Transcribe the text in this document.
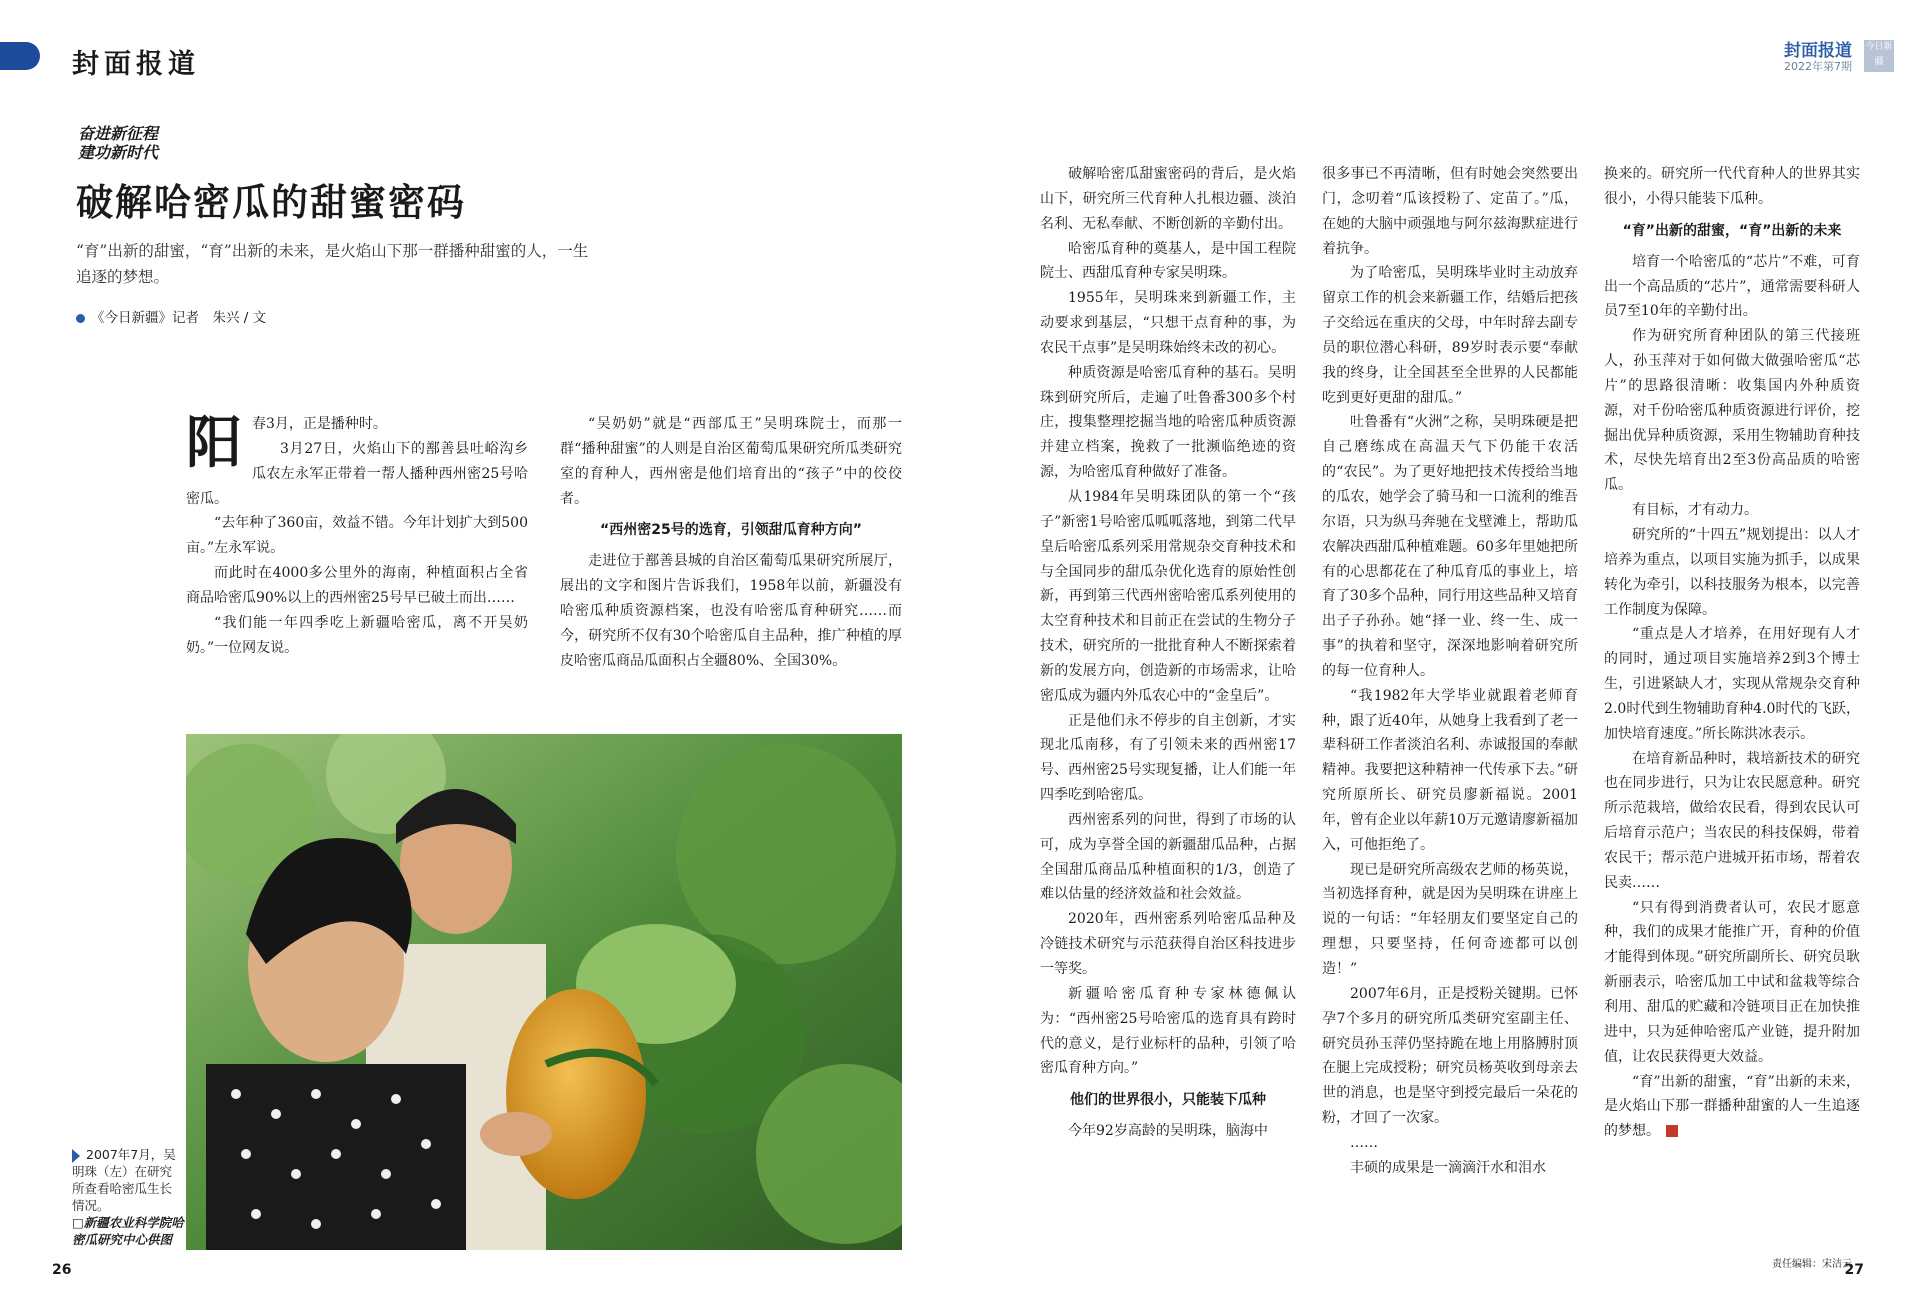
封面报道	封面报道
2022年第7期
今日新疆
奋进新征程
建功新时代
破解哈密瓜的甜蜜密码
“育”出新的甜蜜，“育”出新的未来，是火焰山下那一群播种甜蜜的人，一生追逐的梦想。
《今日新疆》记者　朱兴 / 文
阳 春3月，正是播种时。

3月27日，火焰山下的鄯善县吐峪沟乡瓜农左永军正带着一帮人播种西州密25号哈密瓜。

“去年种了360亩，效益不错。今年计划扩大到500亩。”左永军说。

而此时在4000多公里外的海南，种植面积占全省商品哈密瓜90%以上的西州密25号早已破土而出……

“我们能一年四季吃上新疆哈密瓜，离不开吴奶奶。”一位网友说。

“吴奶奶”就是“西部瓜王”吴明珠院士，而那一群“播种甜蜜”的人则是自治区葡萄瓜果研究所瓜类研究室的育种人，西州密是他们培育出的“孩子”中的佼佼者。

“西州密25号的选育，引领甜瓜育种方向”

走进位于鄯善县城的自治区葡萄瓜果研究所展厅，展出的文字和图片告诉我们，1958年以前，新疆没有哈密瓜种质资源档案，也没有哈密瓜育种研究……而今，研究所不仅有30个哈密瓜自主品种，推广种植的厚皮哈密瓜商品瓜面积占全疆80%、全国30%。

2007年7月，吴明珠（左）在研究所查看哈密瓜生长情况。
□新疆农业科学院哈密瓜研究中心供图

破解哈密瓜甜蜜密码的背后，是火焰山下，研究所三代育种人扎根边疆、淡泊名利、无私奉献、不断创新的辛勤付出。

哈密瓜育种的奠基人，是中国工程院院士、西甜瓜育种专家吴明珠。

1955年，吴明珠来到新疆工作，主动要求到基层，“只想干点育种的事，为农民干点事”是吴明珠始终未改的初心。

种质资源是哈密瓜育种的基石。吴明珠到研究所后，走遍了吐鲁番300多个村庄，搜集整理挖掘当地的哈密瓜种质资源并建立档案，挽救了一批濒临绝迹的资源，为哈密瓜育种做好了准备。

从1984年吴明珠团队的第一个“孩子”新密1号哈密瓜呱呱落地，到第二代早皇后哈密瓜系列采用常规杂交育种技术和与全国同步的甜瓜杂优化选育的原始性创新，再到第三代西州密哈密瓜系列使用的太空育种技术和目前正在尝试的生物分子技术，研究所的一批批育种人不断探索着新的发展方向，创造新的市场需求，让哈密瓜成为疆内外瓜农心中的“金皇后”。

正是他们永不停步的自主创新，才实现北瓜南移，有了引领未来的西州密17号、西州密25号实现复播，让人们能一年四季吃到哈密瓜。

西州密系列的问世，得到了市场的认可，成为享誉全国的新疆甜瓜品种，占据全国甜瓜商品瓜种植面积的1/3，创造了难以估量的经济效益和社会效益。

2020年，西州密系列哈密瓜品种及冷链技术研究与示范获得自治区科技进步一等奖。

新疆哈密瓜育种专家林德佩认为：“西州密25号哈密瓜的选育具有跨时代的意义，是行业标杆的品种，引领了哈密瓜育种方向。”

他们的世界很小，只能装下瓜种

今年92岁高龄的吴明珠，脑海中

很多事已不再清晰，但有时她会突然要出门，念叨着“瓜该授粉了、定苗了。”瓜，在她的大脑中顽强地与阿尔兹海默症进行着抗争。

为了哈密瓜，吴明珠毕业时主动放弃留京工作的机会来新疆工作，结婚后把孩子交给远在重庆的父母，中年时辞去副专员的职位潜心科研，89岁时表示要“奉献我的终身，让全国甚至全世界的人民都能吃到更好更甜的甜瓜。”

吐鲁番有“火洲”之称，吴明珠硬是把自己磨练成在高温天气下仍能干农活的“农民”。为了更好地把技术传授给当地的瓜农，她学会了骑马和一口流利的维吾尔语，只为纵马奔驰在戈壁滩上，帮助瓜农解决西甜瓜种植难题。60多年里她把所有的心思都花在了种瓜育瓜的事业上，培育了30多个品种，同行用这些品种又培育出子子孙孙。她“择一业、终一生、成一事”的执着和坚守，深深地影响着研究所的每一位育种人。

“我1982年大学毕业就跟着老师育种，跟了近40年，从她身上我看到了老一辈科研工作者淡泊名利、赤诚报国的奉献精神。我要把这种精神一代传承下去。”研究所原所长、研究员廖新福说。2001年，曾有企业以年薪10万元邀请廖新福加入，可他拒绝了。

现已是研究所高级农艺师的杨英说，当初选择育种，就是因为吴明珠在讲座上说的一句话：“年轻朋友们要坚定自己的理想，只要坚持，任何奇迹都可以创造！”

2007年6月，正是授粉关键期。已怀孕7个多月的研究所瓜类研究室副主任、研究员孙玉萍仍坚持跪在地上用胳膊肘顶在腿上完成授粉；研究员杨英收到母亲去世的消息，也是坚守到授完最后一朵花的粉，才回了一次家。

……

丰硕的成果是一滴滴汗水和泪水

换来的。研究所一代代育种人的世界其实很小，小得只能装下瓜种。

“育”出新的甜蜜，“育”出新的未来

培育一个哈密瓜的“芯片”不难，可育出一个高品质的“芯片”，通常需要科研人员7至10年的辛勤付出。

作为研究所育种团队的第三代接班人，孙玉萍对于如何做大做强哈密瓜“芯片”的思路很清晰：收集国内外种质资源，对千份哈密瓜种质资源进行评价，挖掘出优异种质资源，采用生物辅助育种技术，尽快先培育出2至3份高品质的哈密瓜。

有目标，才有动力。

研究所的“十四五”规划提出：以人才培养为重点，以项目实施为抓手，以成果转化为牵引，以科技服务为根本，以完善工作制度为保障。

“重点是人才培养，在用好现有人才的同时，通过项目实施培养2到3个博士生，引进紧缺人才，实现从常规杂交育种2.0时代到生物辅助育种4.0时代的飞跃，加快培育速度。”所长陈洪冰表示。

在培育新品种时，栽培新技术的研究也在同步进行，只为让农民愿意种。研究所示范栽培，做给农民看，得到农民认可后培育示范户；当农民的科技保姆，带着农民干；帮示范户进城开拓市场，帮着农民卖……

“只有得到消费者认可，农民才愿意种，我们的成果才能推广开，育种的价值才能得到体现。”研究所副所长、研究员耿新丽表示，哈密瓜加工中试和盆栽等综合利用、甜瓜的贮藏和冷链项目正在加快推进中，只为延伸哈密瓜产业链，提升附加值，让农民获得更大效益。

“育”出新的甜蜜，“育”出新的未来，是火焰山下那一群播种甜蜜的人一生追逐的梦想。

26	27
责任编辑：宋洁云
